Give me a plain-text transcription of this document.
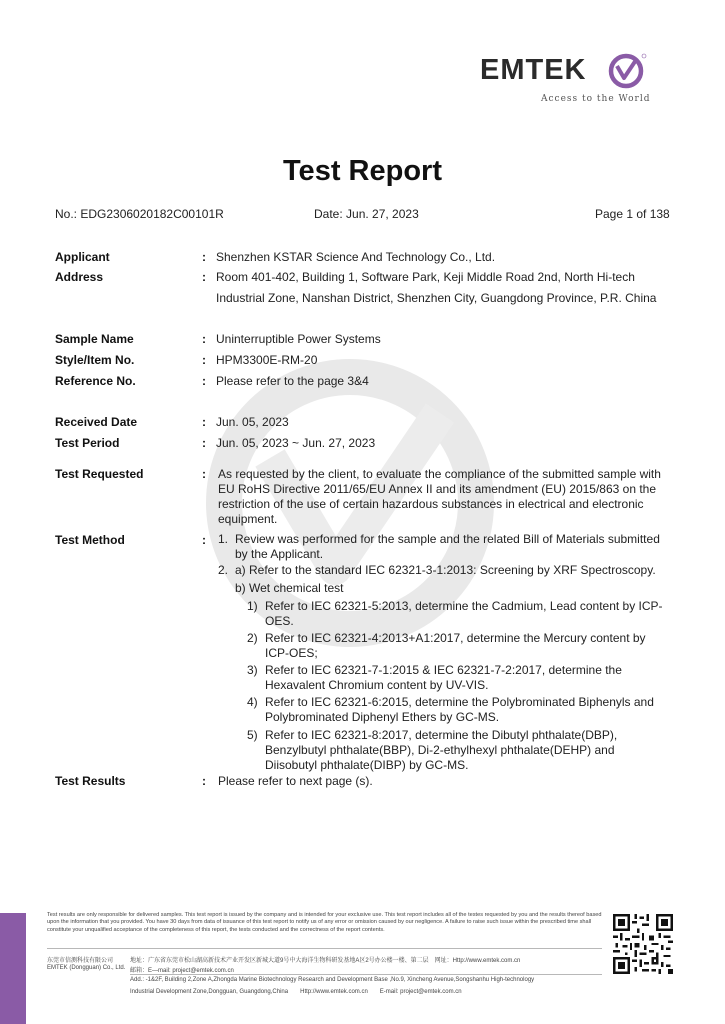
EMTEK
Access to the World
Test Report
No.: EDG2306020182C00101R	Date: Jun. 27, 2023	Page 1 of 138
Applicant	: Shenzhen KSTAR Science And Technology Co., Ltd.
Address	: Room 401-402, Building 1, Software Park, Keji Middle Road 2nd, North Hi-tech
Industrial Zone, Nanshan District, Shenzhen City, Guangdong Province, P.R. China
Sample Name	: Uninterruptible Power Systems
Style/Item No.	: HPM3300E-RM-20
Reference No.	: Please refer to the page 3&4
Received Date	: Jun. 05, 2023
Test Period	: Jun. 05, 2023 ~ Jun. 27, 2023
Test Requested	: As requested by the client, to evaluate the compliance of the submitted sample with EU RoHS Directive 2011/65/EU Annex II and its amendment (EU) 2015/863 on the restriction of the use of certain hazardous substances in electrical and electronic equipment.
Test Method	: 1. Review was performed for the sample and the related Bill of Materials submitted by the Applicant.
2. a) Refer to the standard IEC 62321-3-1:2013: Screening by XRF Spectroscopy.
b) Wet chemical test
1) Refer to IEC 62321-5:2013, determine the Cadmium, Lead content by ICP-OES.
2) Refer to IEC 62321-4:2013+A1:2017, determine the Mercury content by ICP-OES;
3) Refer to IEC 62321-7-1:2015 & IEC 62321-7-2:2017, determine the Hexavalent Chromium content by UV-VIS.
4) Refer to IEC 62321-6:2015, determine the Polybrominated Biphenyls and Polybrominated Diphenyl Ethers by GC-MS.
5) Refer to IEC 62321-8:2017, determine the Dibutyl phthalate(DBP), Benzylbutyl phthalate(BBP), Di-2-ethylhexyl phthalate(DEHP) and Diisobutyl phthalate(DIBP) by GC-MS.
Test Results	: Please refer to next page (s).
Test results are only responsible for delivered samples. This test report is issued by the company and is intended for your exclusive use. This test report includes all of the testes requested by you and the results thereof based upon the information that you provided. You have 30 days from data of issuance of this test report to notify us of any error or omission caused by our negligence. A failure to raise such issue within the prescribed time shall constitute your unqualified acceptance of the completeness of this report, the tests conducted and the correctness of the report contents.
东莞市信测科技有限公司
EMTEK (Dongguan) Co., Ltd.
地址：广东省东莞市松山湖高新技术产业开发区新城大道9号中大海洋生物科研发基地A区2号办公楼一楼、第二层　网址：Http://www.emtek.com.cn
邮箱：E—mail: project@emtek.com.cn
Add.: -1&2F, Building 2,Zone A,Zhongda Marine Biotechnology Research and Development Base ,No.9, Xincheng Avenue,Songshanhu High-technology
Industrial Development Zone,Dongguan, Guangdong,China　　Http://www.emtek.com.cn　　E-mail: project@emtek.com.cn
